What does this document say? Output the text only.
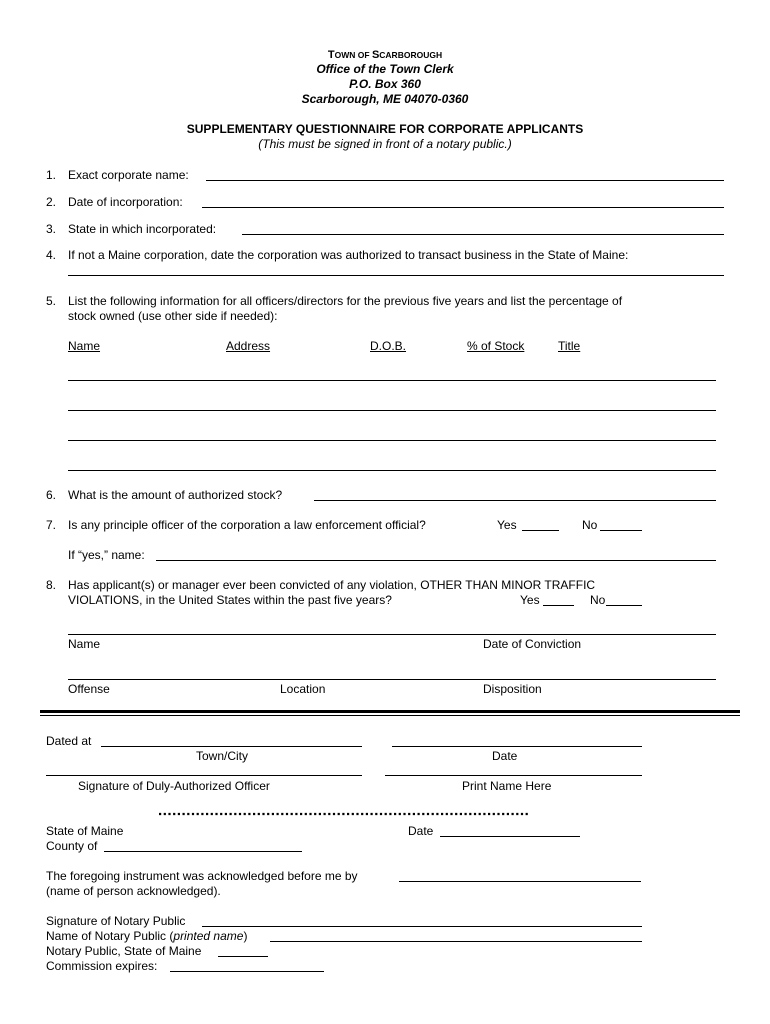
TOWN OF SCARBOROUGH
Office of the Town Clerk
P.O. Box 360
Scarborough, ME 04070-0360
SUPPLEMENTARY QUESTIONNAIRE FOR CORPORATE APPLICANTS
(This must be signed in front of a notary public.)
1. Exact corporate name:
2. Date of incorporation:
3. State in which incorporated:
4. If not a Maine corporation, date the corporation was authorized to transact business in the State of Maine:
5. List the following information for all officers/directors for the previous five years and list the percentage of
stock owned (use other side if needed):
Name	Address	D.O.B.	% of Stock	Title
6. What is the amount of authorized stock?
7. Is any principle officer of the corporation a law enforcement official?	Yes	No
If “yes,” name:
8. Has applicant(s) or manager ever been convicted of any violation, OTHER THAN MINOR TRAFFIC
VIOLATIONS, in the United States within the past five years?	Yes	No
Name	Date of Conviction
Offense	Location	Disposition
Dated at
Town/City	Date
Signature of Duly-Authorized Officer	Print Name Here
State of Maine	Date
County of
The foregoing instrument was acknowledged before me by
(name of person acknowledged).
Signature of Notary Public
Name of Notary Public (printed name)
Notary Public, State of Maine
Commission expires:
